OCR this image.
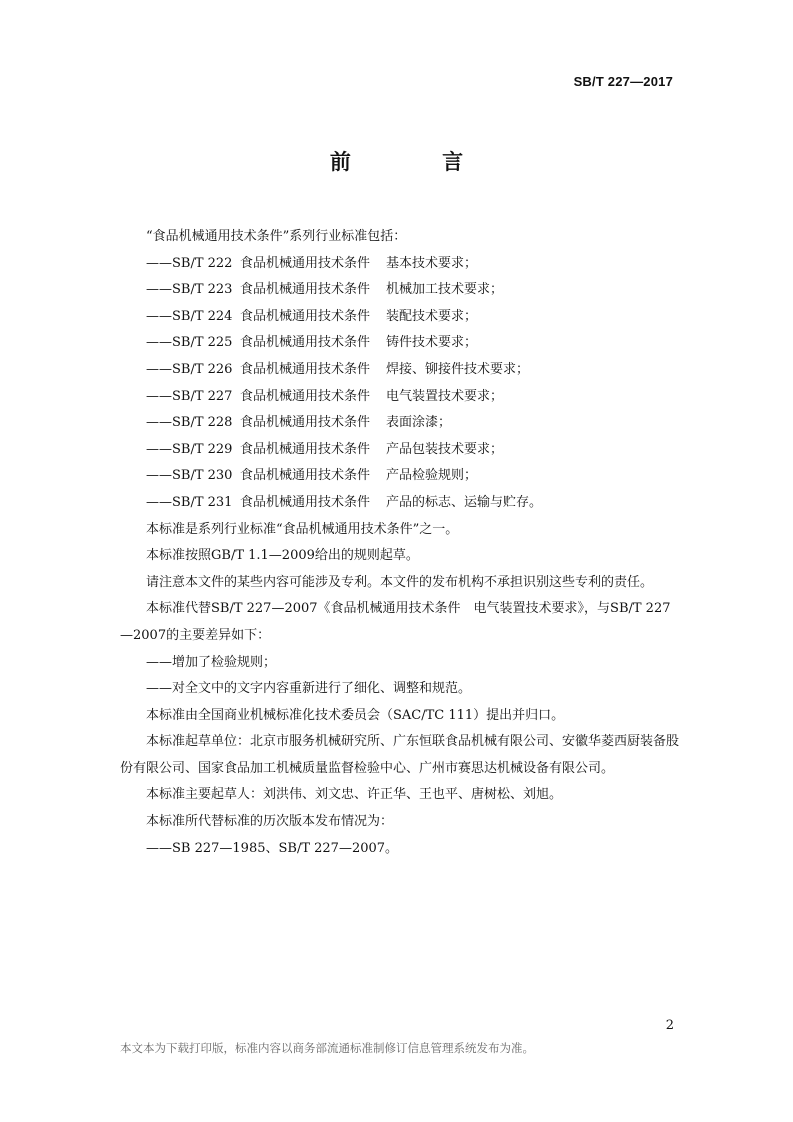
SB/T 227—2017
前 言

“食品机械通用技术条件”系列行业标准包括：

——SB/T 222 食品机械通用技术条件 基本技术要求；
——SB/T 223 食品机械通用技术条件 机械加工技术要求；
——SB/T 224 食品机械通用技术条件 装配技术要求；
——SB/T 225 食品机械通用技术条件 铸件技术要求；
——SB/T 226 食品机械通用技术条件 焊接、铆接件技术要求；
——SB/T 227 食品机械通用技术条件 电气装置技术要求；
——SB/T 228 食品机械通用技术条件 表面涂漆；
——SB/T 229 食品机械通用技术条件 产品包装技术要求；
——SB/T 230 食品机械通用技术条件 产品检验规则；
——SB/T 231 食品机械通用技术条件 产品的标志、运输与贮存。

本标准是系列行业标准“食品机械通用技术条件”之一。

本标准按照GB/T 1.1—2009给出的规则起草。

请注意本文件的某些内容可能涉及专利。本文件的发布机构不承担识别这些专利的责任。

本标准代替SB/T 227—2007《食品机械通用技术条件　电气装置技术要求》，与SB/T 227—2007的主要差异如下：

——增加了检验规则；

——对全文中的文字内容重新进行了细化、调整和规范。

本标准由全国商业机械标准化技术委员会（SAC/TC 111）提出并归口。

本标准起草单位：北京市服务机械研究所、广东恒联食品机械有限公司、安徽华菱西厨装备股份有限公司、国家食品加工机械质量监督检验中心、广州市赛思达机械设备有限公司。

本标准主要起草人：刘洪伟、刘文忠、许正华、王也平、唐树松、刘旭。

本标准所代替标准的历次版本发布情况为：

——SB 227—1985、SB/T 227—2007。

2
本文本为下载打印版，标准内容以商务部流通标准制修订信息管理系统发布为准。
